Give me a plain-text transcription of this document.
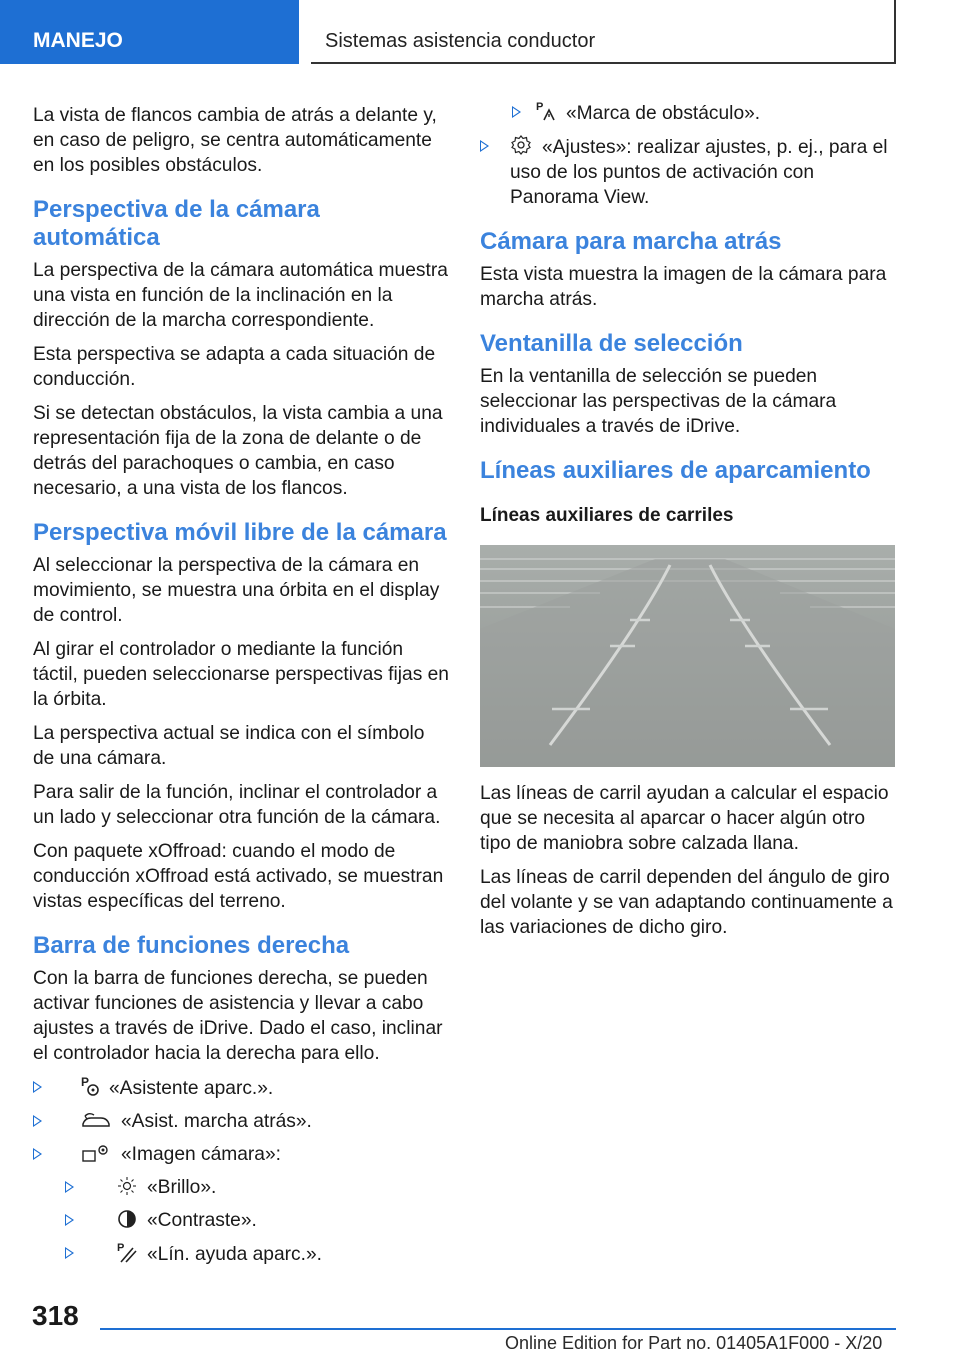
MANEJO	Sistemas asistencia conductor

La vista de flancos cambia de atrás a delante y, en caso de peligro, se centra automáticamente en los posibles obstáculos.

Perspectiva de la cámara automática

La perspectiva de la cámara automática muestra una vista en función de la inclinación en la dirección de la marcha correspondiente.

Esta perspectiva se adapta a cada situación de conducción.

Si se detectan obstáculos, la vista cambia a una representación fija de la zona de delante o de detrás del parachoques o cambia, en caso necesario, a una vista de los flancos.

Perspectiva móvil libre de la cámara

Al seleccionar la perspectiva de la cámara en movimiento, se muestra una órbita en el display de control.

Al girar el controlador o mediante la función táctil, pueden seleccionarse perspectivas fijas en la órbita.

La perspectiva actual se indica con el símbolo de una cámara.

Para salir de la función, inclinar el controlador a un lado y seleccionar otra función de la cámara.

Con paquete xOffroad: cuando el modo de conducción xOffroad está activado, se muestran vistas específicas del terreno.

Barra de funciones derecha

Con la barra de funciones derecha, se pueden activar funciones de asistencia y llevar a cabo ajustes a través de iDrive. Dado el caso, inclinar el controlador hacia la derecha para ello.

P «Asistente aparc.».
«Asist. marcha atrás».
«Imagen cámara»:
«Brillo».
«Contraste».
P «Lín. ayuda aparc.».
P «Marca de obstáculo».
«Ajustes»: realizar ajustes, p. ej., para el uso de los puntos de activación con Panorama View.
Cámara para marcha atrás

Esta vista muestra la imagen de la cámara para marcha atrás.

Ventanilla de selección

En la ventanilla de selección se pueden seleccionar las perspectivas de la cámara individuales a través de iDrive.

Líneas auxiliares de aparcamiento
Líneas auxiliares de carriles

Las líneas de carril ayudan a calcular el espacio que se necesita al aparcar o hacer algún otro tipo de maniobra sobre calzada llana.

Las líneas de carril dependen del ángulo de giro del volante y se van adaptando continuamente a las variaciones de dicho giro.

318
Online Edition for Part no. 01405A1F000 - X/20
